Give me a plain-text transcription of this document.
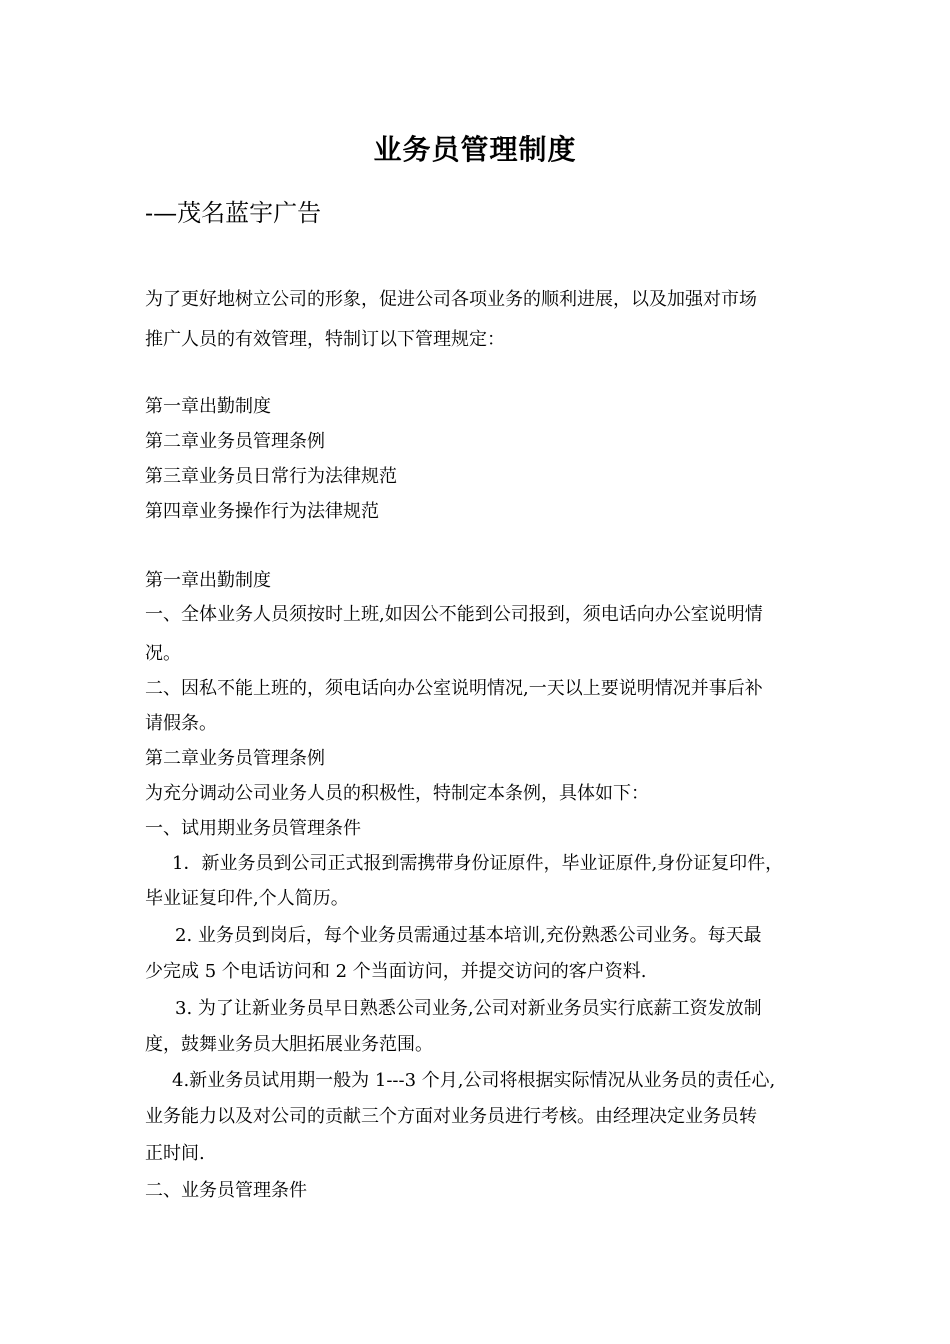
业务员管理制度
-—茂名蓝宇广告
为了更好地树立公司的形象，促进公司各项业务的顺利进展，以及加强对市场
推广人员的有效管理，特制订以下管理规定：
第一章出勤制度
第二章业务员管理条例
第三章业务员日常行为法律规范
第四章业务操作行为法律规范
第一章出勤制度
一、全体业务人员须按时上班,如因公不能到公司报到，须电话向办公室说明情
况。
二、因私不能上班的，须电话向办公室说明情况,一天以上要说明情况并事后补
请假条。
第二章业务员管理条例
为充分调动公司业务人员的积极性，特制定本条例，具体如下：
一、试用期业务员管理条件
1．新业务员到公司正式报到需携带身份证原件，毕业证原件,身份证复印件，
毕业证复印件,个人简历。
2. 业务员到岗后，每个业务员需通过基本培训,充份熟悉公司业务。每天最
少完成 5 个电话访问和 2 个当面访问，并提交访问的客户资料.
3. 为了让新业务员早日熟悉公司业务,公司对新业务员实行底薪工资发放制
度，鼓舞业务员大胆拓展业务范围。
4.新业务员试用期一般为 1---3 个月,公司将根据实际情况从业务员的责任心,
业务能力以及对公司的贡献三个方面对业务员进行考核。由经理决定业务员转
正时间.
二、业务员管理条件
